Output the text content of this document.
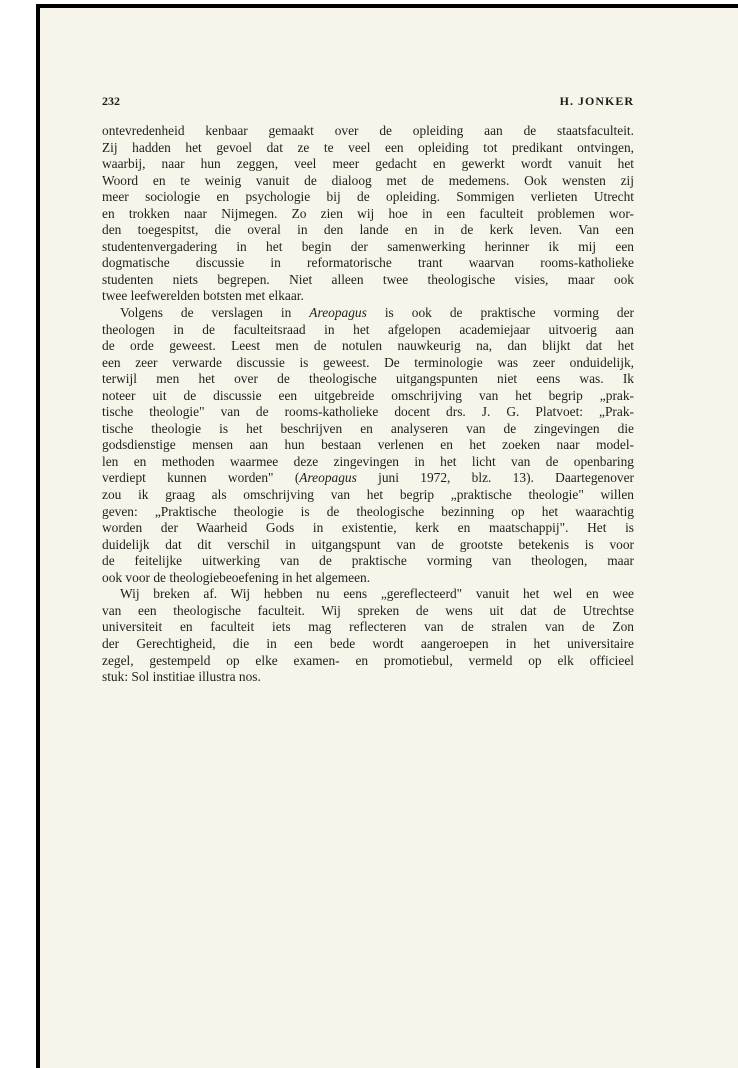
232	H. JONKER
ontevredenheid kenbaar gemaakt over de opleiding aan de staatsfaculteit.
Zij hadden het gevoel dat ze te veel een opleiding tot predikant ontvingen,
waarbij, naar hun zeggen, veel meer gedacht en gewerkt wordt vanuit het
Woord en te weinig vanuit de dialoog met de medemens. Ook wensten zij
meer sociologie en psychologie bij de opleiding. Sommigen verlieten Utrecht
en trokken naar Nijmegen. Zo zien wij hoe in een faculteit problemen wor-
den toegespitst, die overal in den lande en in de kerk leven. Van een
studentenvergadering in het begin der samenwerking herinner ik mij een
dogmatische discussie in reformatorische trant waarvan rooms-katholieke
studenten niets begrepen. Niet alleen twee theologische visies, maar ook
twee leefwerelden botsten met elkaar.
Volgens de verslagen in Areopagus is ook de praktische vorming der
theologen in de faculteitsraad in het afgelopen academiejaar uitvoerig aan
de orde geweest. Leest men de notulen nauwkeurig na, dan blijkt dat het
een zeer verwarde discussie is geweest. De terminologie was zeer onduidelijk,
terwijl men het over de theologische uitgangspunten niet eens was. Ik
noteer uit de discussie een uitgebreide omschrijving van het begrip „prak-
tische theologie" van de rooms-katholieke docent drs. J. G. Platvoet: „Prak-
tische theologie is het beschrijven en analyseren van de zingevingen die
godsdienstige mensen aan hun bestaan verlenen en het zoeken naar model-
len en methoden waarmee deze zingevingen in het licht van de openbaring
verdiept kunnen worden" (Areopagus juni 1972, blz. 13). Daartegenover
zou ik graag als omschrijving van het begrip „praktische theologie" willen
geven: „Praktische theologie is de theologische bezinning op het waarachtig
worden der Waarheid Gods in existentie, kerk en maatschappij". Het is
duidelijk dat dit verschil in uitgangspunt van de grootste betekenis is voor
de feitelijke uitwerking van de praktische vorming van theologen, maar
ook voor de theologiebeoefening in het algemeen.
Wij breken af. Wij hebben nu eens „gereflecteerd" vanuit het wel en wee
van een theologische faculteit. Wij spreken de wens uit dat de Utrechtse
universiteit en faculteit iets mag reflecteren van de stralen van de Zon
der Gerechtigheid, die in een bede wordt aangeroepen in het universitaire
zegel, gestempeld op elke examen- en promotiebul, vermeld op elk officieel
stuk: Sol institiae illustra nos.
